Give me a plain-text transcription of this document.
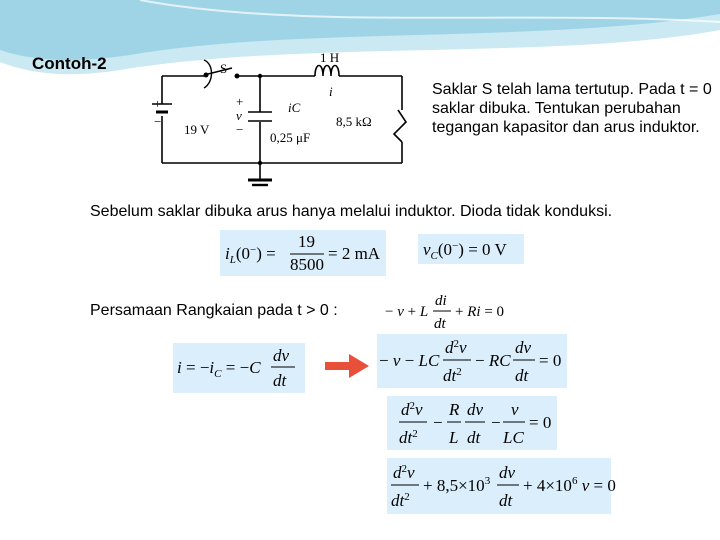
Contoh-2	S
1 H
+
−
19 V
+
v
−
iC
0,25 μF
i
8,5 kΩ
Saklar S telah lama tertutup. Pada t = 0 saklar dibuka. Tentukan perubahan tegangan kapasitor dan arus induktor.
Sebelum saklar dibuka arus hanya melalui induktor. Dioda tidak konduksi.
$i_L(0^-)$ =
19
8500
= 2 mA	$v_C(0^-) = 0$ V
Persamaan Rangkaian pada t > 0 :	− v + L
di
dt
+ Ri = 0
$i = -i_C = -C$
dv
dt
− v − LC
$d^2v$
$dt^2$
− RC
dv
dt
= 0
$d^2v$
$dt^2$
−
R
L
dv
dt
−
v
LC
= 0
$d^2v$
$dt^2$
+ $8,5\times 10^3$ dv
dt
+ $4\times 10^6$ v = 0
